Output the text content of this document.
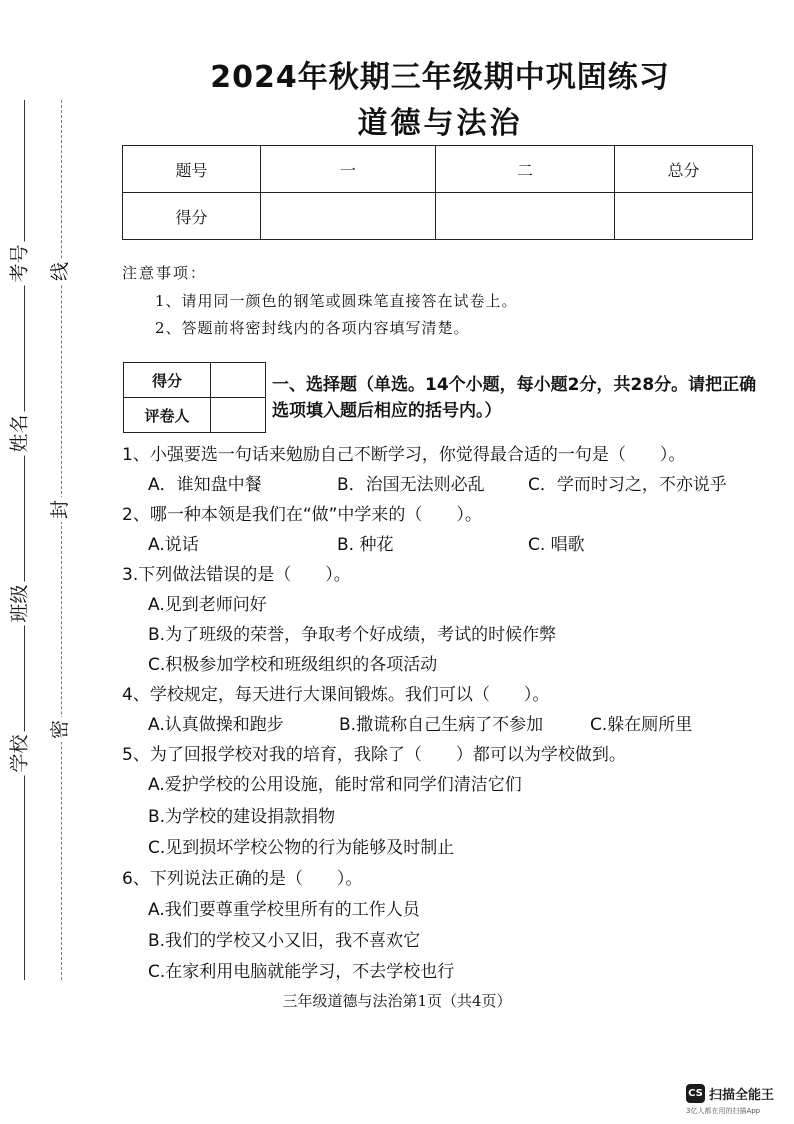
考号
姓名
班级
学校
线
封
密
2024年秋期三年级期中巩固练习
道德与法治
题号	一	二	总分
得分			
注意事项：
1、请用同一颜色的钢笔或圆珠笔直接答在试卷上。
2、答题前将密封线内的各项内容填写清楚。
得分	
评卷人	
一、选择题（单选。14个小题，每小题2分，共28分。请把正确选项填入题后相应的括号内。）
1、小强要选一句话来勉励自己不断学习，你觉得最合适的一句是（　　）。
A．谁知盘中餐	B．治国无法则必乱	C．学而时习之，不亦说乎
2、哪一种本领是我们在“做”中学来的（　　）。
A.说话	B. 种花	C. 唱歌
3.下列做法错误的是（　　）。
A.见到老师问好
B.为了班级的荣誉，争取考个好成绩，考试的时候作弊
C.积极参加学校和班级组织的各项活动
4、学校规定，每天进行大课间锻炼。我们可以（　　）。
A.认真做操和跑步	B.撒谎称自己生病了不参加	C.躲在厕所里
5、为了回报学校对我的培育，我除了（　　）都可以为学校做到。
A.爱护学校的公用设施，能时常和同学们清洁它们
B.为学校的建设捐款捐物
C.见到损坏学校公物的行为能够及时制止
6、下列说法正确的是（　　）。
A.我们要尊重学校里所有的工作人员
B.我们的学校又小又旧，我不喜欢它
C.在家利用电脑就能学习，不去学校也行
三年级道德与法治第1页（共4页）
CS 扫描全能王
3亿人都在用的扫描App
